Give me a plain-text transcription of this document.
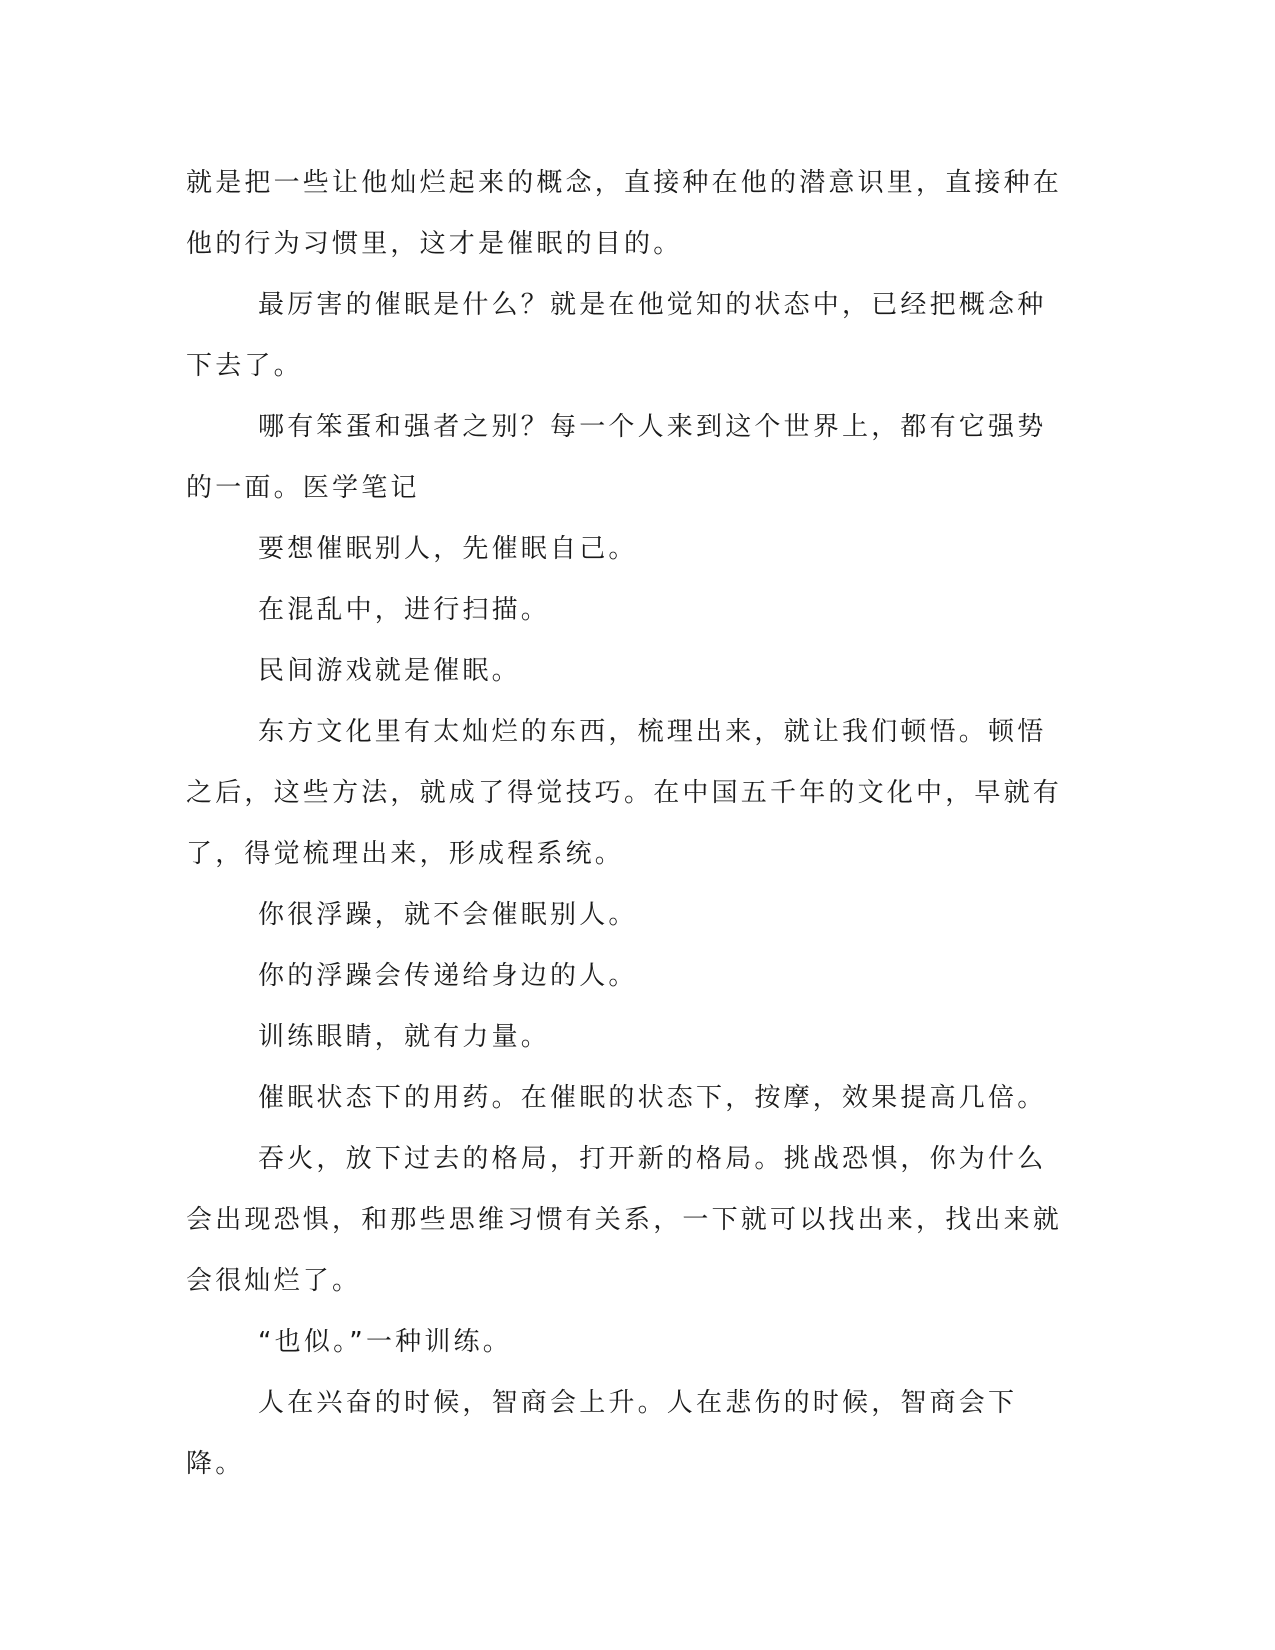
就是把一些让他灿烂起来的概念，直接种在他的潜意识里，直接种在他的行为习惯里，这才是催眠的目的。

最厉害的催眠是什么？就是在他觉知的状态中，已经把概念种下去了。

哪有笨蛋和强者之别？每一个人来到这个世界上，都有它强势的一面。医学笔记

要想催眠别人，先催眠自己。

在混乱中，进行扫描。

民间游戏就是催眠。

东方文化里有太灿烂的东西，梳理出来，就让我们顿悟。顿悟之后，这些方法，就成了得觉技巧。在中国五千年的文化中，早就有了，得觉梳理出来，形成程系统。

你很浮躁，就不会催眠别人。

你的浮躁会传递给身边的人。

训练眼睛，就有力量。

催眠状态下的用药。在催眠的状态下，按摩，效果提高几倍。

吞火，放下过去的格局，打开新的格局。挑战恐惧，你为什么会出现恐惧，和那些思维习惯有关系，一下就可以找出来，找出来就会很灿烂了。

“也似。”一种训练。

人在兴奋的时候，智商会上升。人在悲伤的时候，智商会下降。
